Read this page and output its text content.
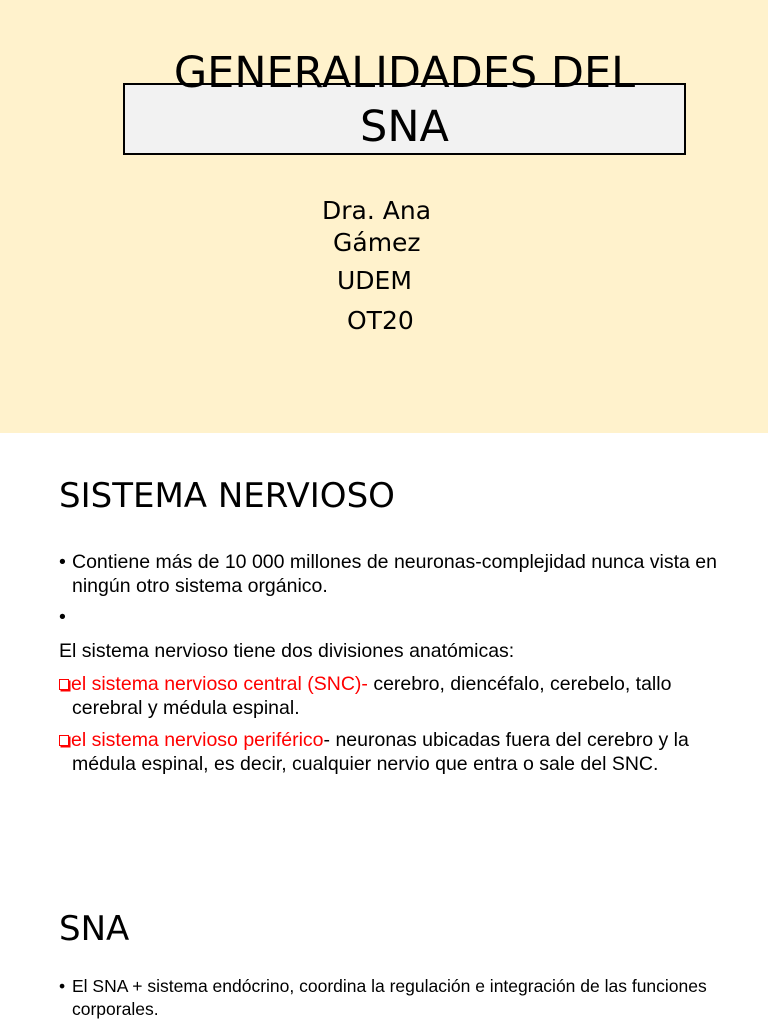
GENERALIDADES DEL
SNA
Dra. Ana
Gámez
UDEM
OT20
SISTEMA NERVIOSO
• Contiene más de 10 000 millones de neuronas-complejidad nunca vista en ningún otro sistema orgánico.
•
El sistema nervioso tiene dos divisiones anatómicas:
el sistema nervioso central (SNC)- cerebro, diencéfalo, cerebelo, tallo cerebral y médula espinal.
el sistema nervioso periférico- neuronas ubicadas fuera del cerebro y la médula espinal, es decir, cualquier nervio que entra o sale del SNC.
SNA
• El SNA + sistema endócrino, coordina la regulación e integración de las funciones corporales.
